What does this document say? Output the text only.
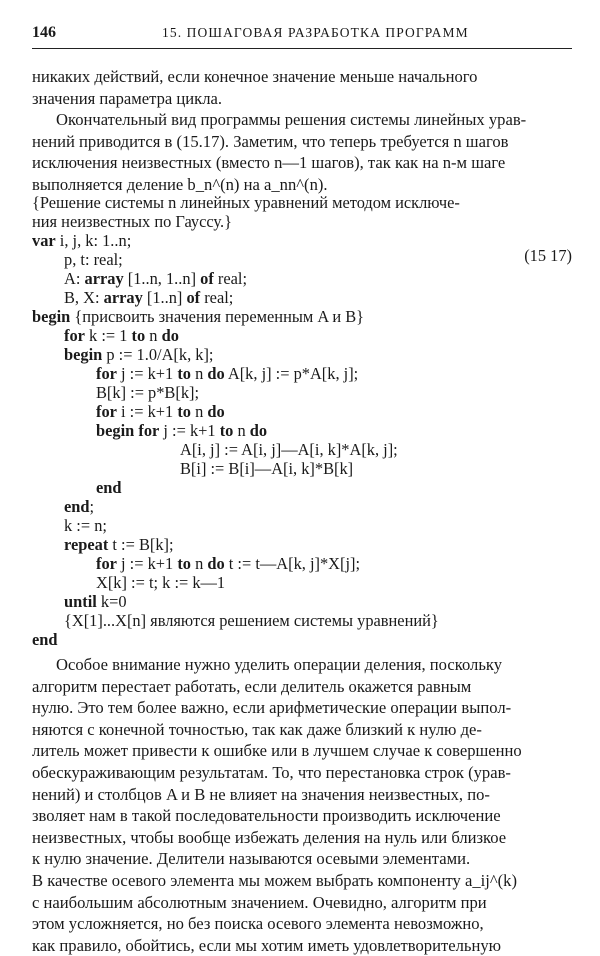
146	15. ПОШАГОВАЯ РАЗРАБОТКА ПРОГРАММ
никаких действий, если конечное значение меньше начального
значения параметра цикла.
Окончательный вид программы решения системы линейных урав-
нений приводится в (15.17). Заметим, что теперь требуется n шагов
исключения неизвестных (вместо n—1 шагов), так как на n-м шаге
выполняется деление b_n^(n) на a_nn^(n).
{Решение системы n линейных уравнений методом исключе-
ния неизвестных по Гауссу.}
var i, j, k: 1..n;
p, t: real;
A: array [1..n, 1..n] of real;
B, X: array [1..n] of real;
begin {присвоить значения переменным A и B}
for k := 1 to n do
begin p := 1.0/A[k, k];
for j := k+1 to n do A[k, j] := p*A[k, j];
B[k] := p*B[k];
for i := k+1 to n do
begin for j := k+1 to n do
A[i, j] := A[i, j]—A[i, k]*A[k, j];
B[i] := B[i]—A[i, k]*B[k]
end
end;
k := n;
repeat t := B[k];
for j := k+1 to n do t := t—A[k, j]*X[j];
X[k] := t; k := k—1
until k=0
{X[1]...X[n] являются решением системы уравнений}
end
(15 17)
Особое внимание нужно уделить операции деления, поскольку
алгоритм перестает работать, если делитель окажется равным
нулю. Это тем более важно, если арифметические операции выпол-
няются с конечной точностью, так как даже близкий к нулю де-
литель может привести к ошибке или в лучшем случае к совершенно
обескураживающим результатам. То, что перестановка строк (урав-
нений) и столбцов A и B не влияет на значения неизвестных, по-
зволяет нам в такой последовательности производить исключение
неизвестных, чтобы вообще избежать деления на нуль или близкое
к нулю значение. Делители называются осевыми элементами.
В качестве осевого элемента мы можем выбрать компоненту a_ij^(k)
с наибольшим абсолютным значением. Очевидно, алгоритм при
этом усложняется, но без поиска осевого элемента невозможно,
как правило, обойтись, если мы хотим иметь удовлетворительную
